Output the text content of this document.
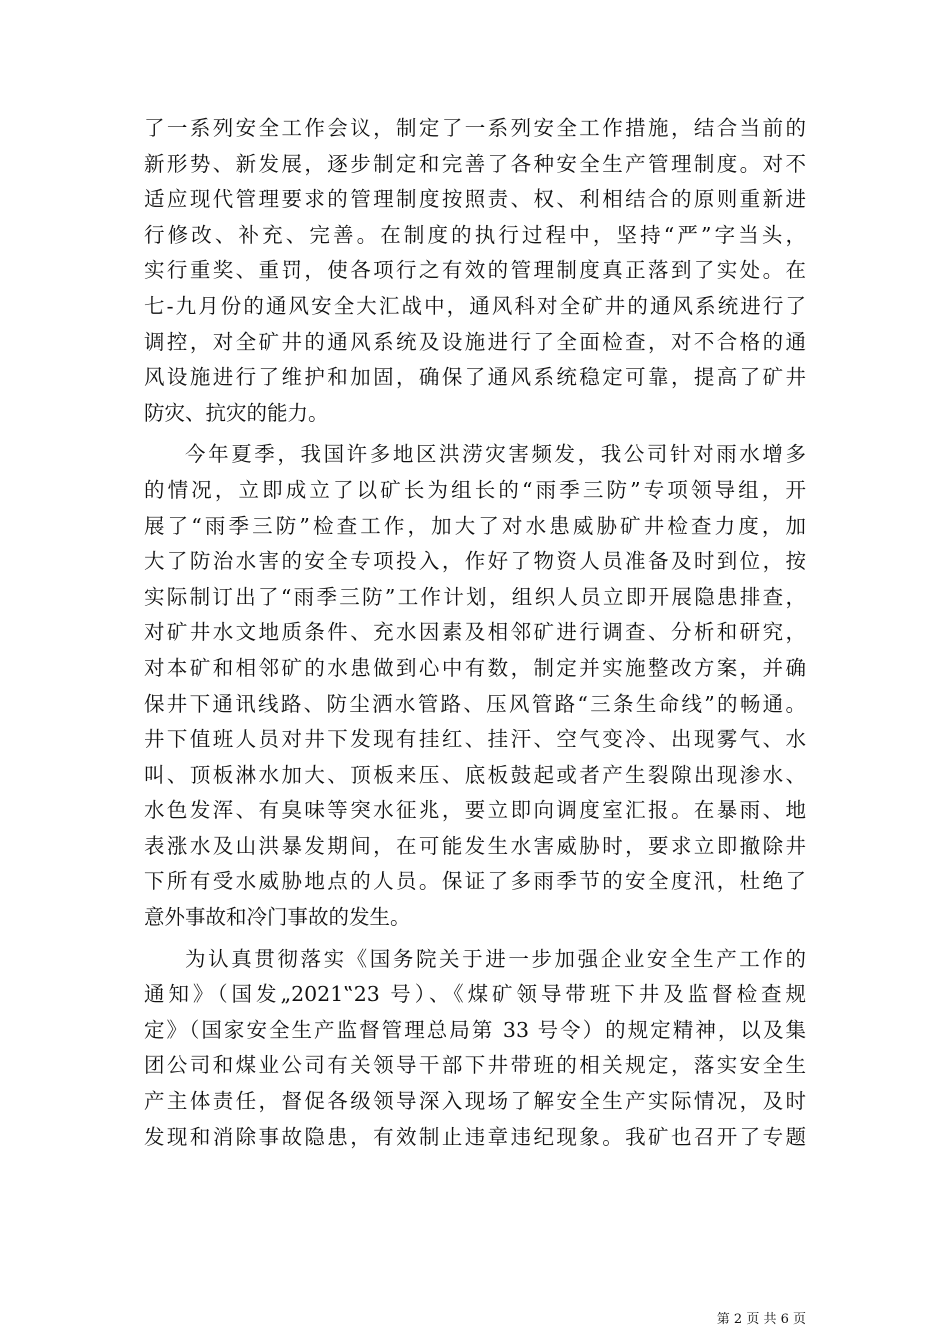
了一系列安全工作会议，制定了一系列安全工作措施，结合当前的
新形势、新发展，逐步制定和完善了各种安全生产管理制度。对不
适应现代管理要求的管理制度按照责、权、利相结合的原则重新进
行修改、补充、完善。在制度的执行过程中，坚持“严”字当头，
实行重奖、重罚，使各项行之有效的管理制度真正落到了实处。在
七-九月份的通风安全大汇战中，通风科对全矿井的通风系统进行了
调控，对全矿井的通风系统及设施进行了全面检查，对不合格的通
风设施进行了维护和加固，确保了通风系统稳定可靠，提高了矿井
防灾、抗灾的能力。
今年夏季，我国许多地区洪涝灾害频发，我公司针对雨水增多
的情况，立即成立了以矿长为组长的“雨季三防”专项领导组，开
展了“雨季三防”检查工作，加大了对水患威胁矿井检查力度，加
大了防治水害的安全专项投入，作好了物资人员准备及时到位，按
实际制订出了“雨季三防”工作计划，组织人员立即开展隐患排查，
对矿井水文地质条件、充水因素及相邻矿进行调查、分析和研究，
对本矿和相邻矿的水患做到心中有数，制定并实施整改方案，并确
保井下通讯线路、防尘洒水管路、压风管路“三条生命线”的畅通。
井下值班人员对井下发现有挂红、挂汗、空气变冷、出现雾气、水
叫、顶板淋水加大、顶板来压、底板鼓起或者产生裂隙出现渗水、
水色发浑、有臭味等突水征兆，要立即向调度室汇报。在暴雨、地
表涨水及山洪暴发期间，在可能发生水害威胁时，要求立即撤除井
下所有受水威胁地点的人员。保证了多雨季节的安全度汛，杜绝了
意外事故和冷门事故的发生。
为认真贯彻落实《国务院关于进一步加强企业安全生产工作的
通知》（国发„2021‟23 号）、《煤矿领导带班下井及监督检查规
定》（国家安全生产监督管理总局第 33 号令）的规定精神，以及集
团公司和煤业公司有关领导干部下井带班的相关规定，落实安全生
产主体责任，督促各级领导深入现场了解安全生产实际情况，及时
发现和消除事故隐患，有效制止违章违纪现象。我矿也召开了专题
第 2 页 共 6 页
